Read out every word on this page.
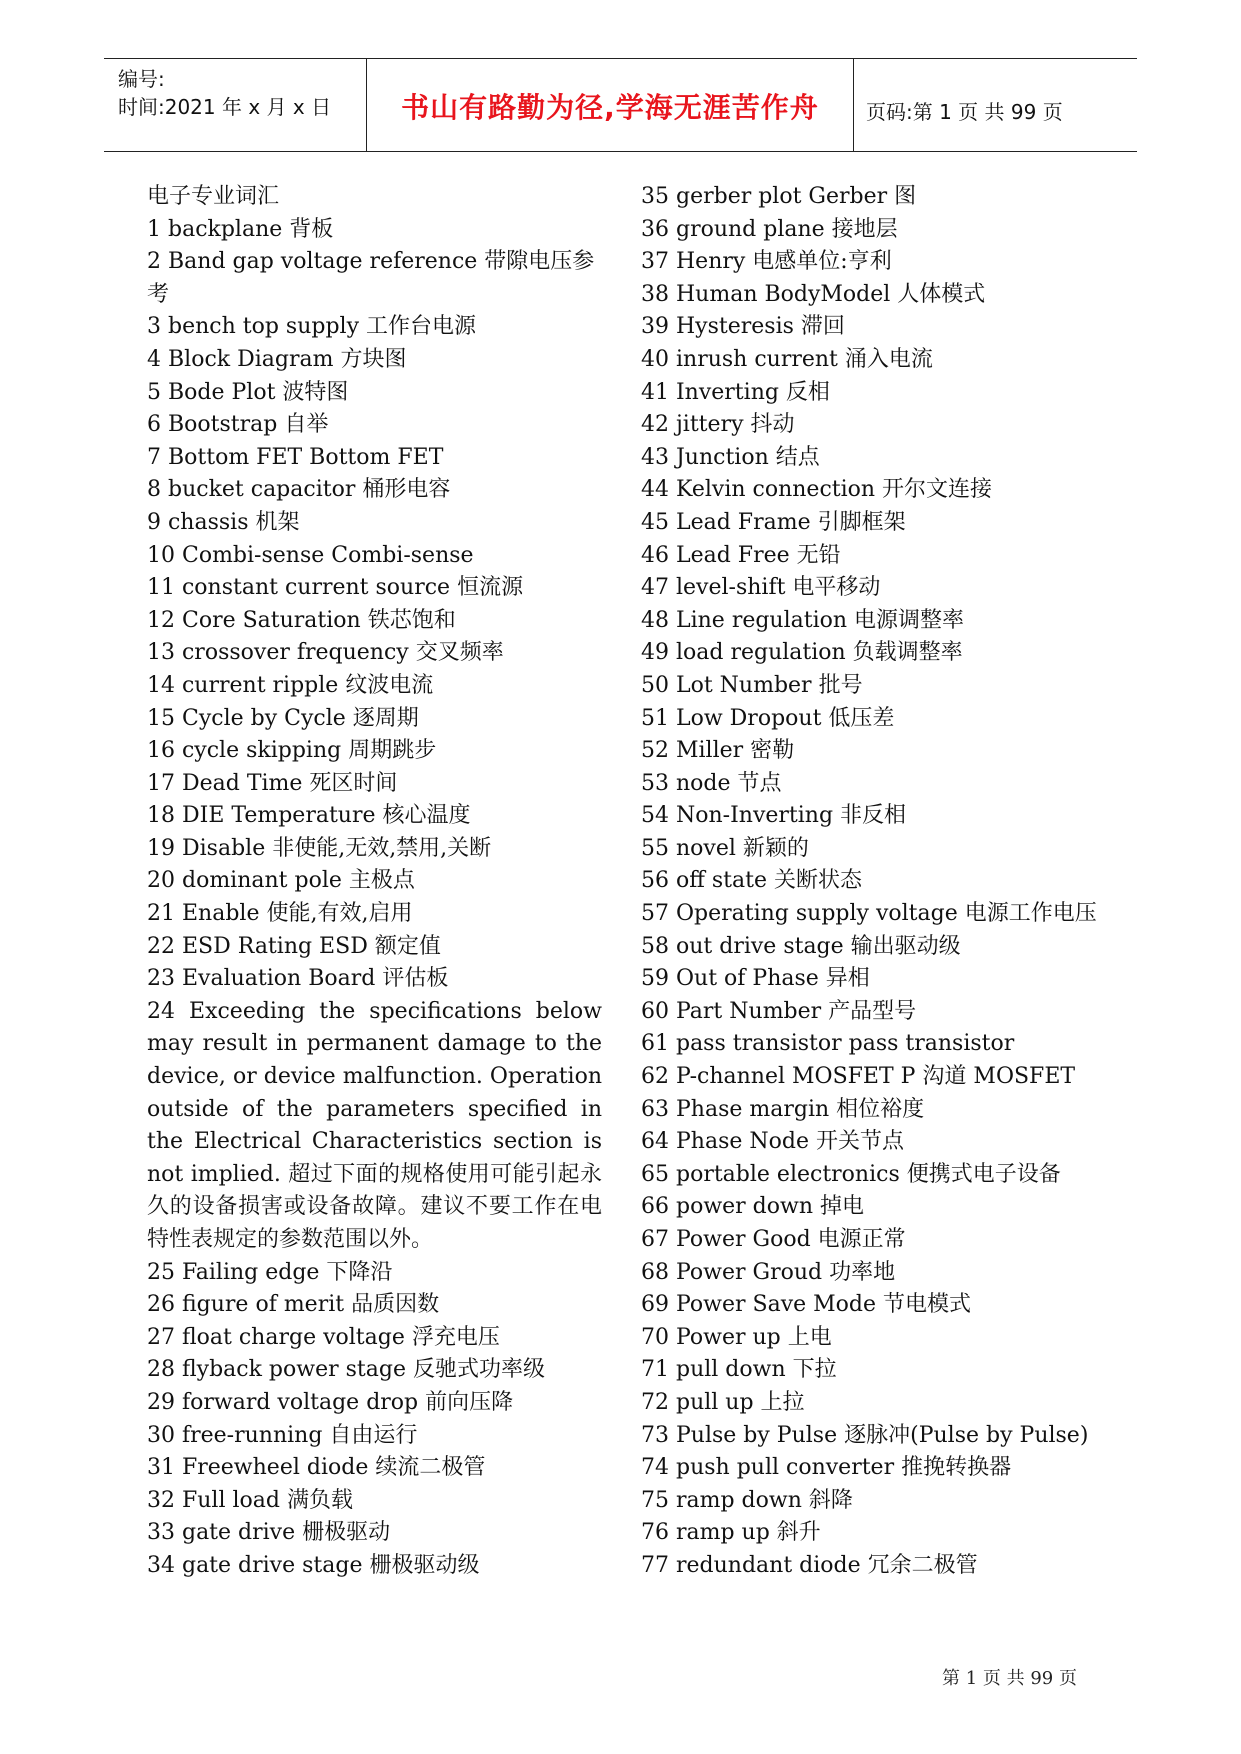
编号:
时间:2021 年 x 月 x 日	书山有路勤为径,学海无涯苦作舟	页码:第 1 页 共 99 页
电子专业词汇
1 backplane 背板
2 Band gap voltage reference 带隙电压参考
3 bench top supply 工作台电源
4 Block Diagram 方块图
5 Bode Plot 波特图
6 Bootstrap 自举
7 Bottom FET Bottom FET
8 bucket capacitor 桶形电容
9 chassis 机架
10 Combi-sense Combi-sense
11 constant current source 恒流源
12 Core Saturation 铁芯饱和
13 crossover frequency 交叉频率
14 current ripple 纹波电流
15 Cycle by Cycle 逐周期
16 cycle skipping 周期跳步
17 Dead Time 死区时间
18 DIE Temperature 核心温度
19 Disable 非使能,无效,禁用,关断
20 dominant pole 主极点
21 Enable 使能,有效,启用
22 ESD Rating ESD 额定值
23 Evaluation Board 评估板
24 Exceeding the specifications below may result in permanent damage to the device, or device malfunction. Operation outside of the parameters specified in the Electrical Characteristics section is not implied. 超过下面的规格使用可能引起永久的设备损害或设备故障。建议不要工作在电特性表规定的参数范围以外。
25 Failing edge 下降沿
26 figure of merit 品质因数
27 float charge voltage 浮充电压
28 flyback power stage 反驰式功率级
29 forward voltage drop 前向压降
30 free-running 自由运行
31 Freewheel diode 续流二极管
32 Full load 满负载
33 gate drive 栅极驱动
34 gate drive stage 栅极驱动级
35 gerber plot Gerber 图
36 ground plane 接地层
37 Henry 电感单位:亨利
38 Human BodyModel 人体模式
39 Hysteresis 滞回
40 inrush current 涌入电流
41 Inverting 反相
42 jittery 抖动
43 Junction 结点
44 Kelvin connection 开尔文连接
45 Lead Frame 引脚框架
46 Lead Free 无铅
47 level-shift 电平移动
48 Line regulation 电源调整率
49 load regulation 负载调整率
50 Lot Number 批号
51 Low Dropout 低压差
52 Miller 密勒
53 node 节点
54 Non-Inverting 非反相
55 novel 新颖的
56 off state 关断状态
57 Operating supply voltage 电源工作电压
58 out drive stage 输出驱动级
59 Out of Phase 异相
60 Part Number 产品型号
61 pass transistor pass transistor
62 P-channel MOSFET P 沟道 MOSFET
63 Phase margin 相位裕度
64 Phase Node 开关节点
65 portable electronics 便携式电子设备
66 power down 掉电
67 Power Good 电源正常
68 Power Groud 功率地
69 Power Save Mode 节电模式
70 Power up 上电
71 pull down 下拉
72 pull up 上拉
73 Pulse by Pulse 逐脉冲(Pulse by Pulse)
74 push pull converter 推挽转换器
75 ramp down 斜降
76 ramp up 斜升
77 redundant diode 冗余二极管
第 1 页 共 99 页
